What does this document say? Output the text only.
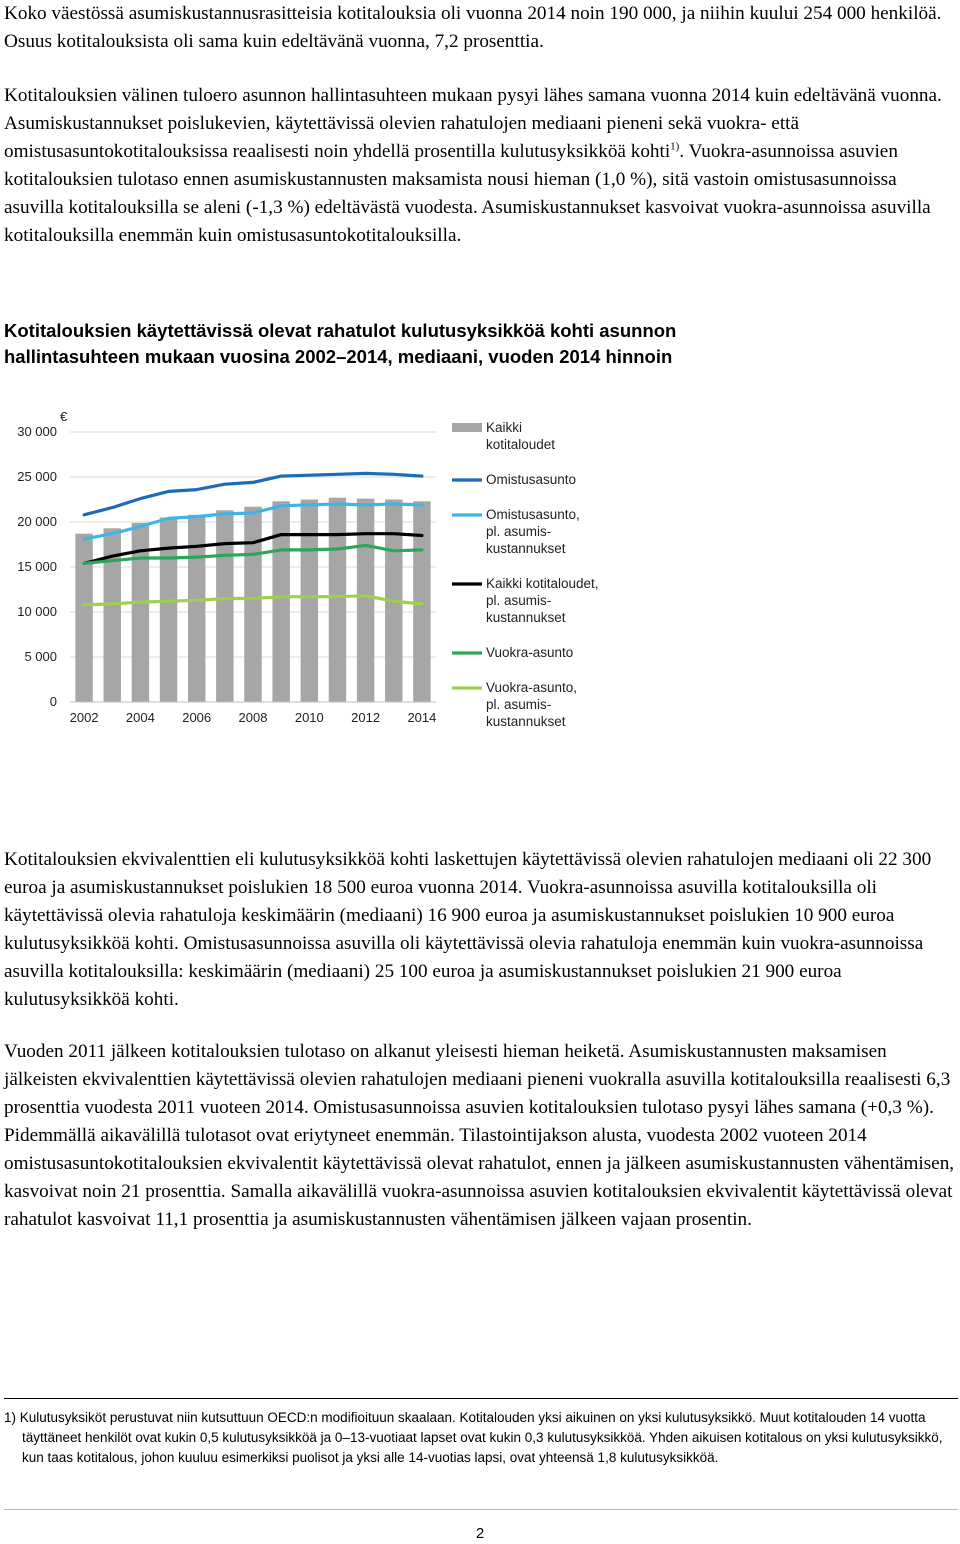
Koko väestössä asumiskustannusrasitteisia kotitalouksia oli vuonna 2014 noin 190 000, ja niihin kuului 254 000 henkilöä. Osuus kotitalouksista oli sama kuin edeltävänä vuonna, 7,2 prosenttia.

Kotitalouksien välinen tuloero asunnon hallintasuhteen mukaan pysyi lähes samana vuonna 2014 kuin edeltävänä vuonna. Asumiskustannukset poislukevien, käytettävissä olevien rahatulojen mediaani pieneni sekä vuokra- että omistusasuntokotitalouksissa reaalisesti noin yhdellä prosentilla kulutusyksikköä kohti$^{1)}$. Vuokra-asunnoissa asuvien kotitalouksien tulotaso ennen asumiskustannusten maksamista nousi hieman (1,0 %), sitä vastoin omistusasunnoissa asuvilla kotitalouksilla se aleni (-1,3 %) edeltävästä vuodesta. Asumiskustannukset kasvoivat vuokra-asunnoissa asuvilla kotitalouksilla enemmän kuin omistusasuntokotitalouksilla.

Kotitalouksien käytettävissä olevat rahatulot kulutusyksikköä kohti asunnon hallintasuhteen mukaan vuosina 2002–2014, mediaani, vuoden 2014 hinnoin
0
5 000
10 000
15 000
20 000
25 000
30 000
€
2002 2004 2006 2008 2010 2012 2014
Kaikki
kotitaloudet
Omistusasunto
Omistusasunto,
pl. asumis-
kustannukset
Kaikki kotitaloudet,
pl. asumis-
kustannukset
Vuokra-asunto
Vuokra-asunto,
pl. asumis-
kustannukset

Kotitalouksien ekvivalenttien eli kulutusyksikköä kohti laskettujen käytettävissä olevien rahatulojen mediaani oli 22 300 euroa ja asumiskustannukset poislukien 18 500 euroa vuonna 2014. Vuokra-asunnoissa asuvilla kotitalouksilla oli käytettävissä olevia rahatuloja keskimäärin (mediaani) 16 900 euroa ja asumiskustannukset poislukien 10 900 euroa kulutusyksikköä kohti. Omistusasunnoissa asuvilla oli käytettävissä olevia rahatuloja enemmän kuin vuokra-asunnoissa asuvilla kotitalouksilla: keskimäärin (mediaani) 25 100 euroa ja asumiskustannukset poislukien 21 900 euroa kulutusyksikköä kohti.

Vuoden 2011 jälkeen kotitalouksien tulotaso on alkanut yleisesti hieman heiketä. Asumiskustannusten maksamisen jälkeisten ekvivalenttien käytettävissä olevien rahatulojen mediaani pieneni vuokralla asuvilla kotitalouksilla reaalisesti 6,3 prosenttia vuodesta 2011 vuoteen 2014. Omistusasunnoissa asuvien kotitalouksien tulotaso pysyi lähes samana (+0,3 %). Pidemmällä aikavälillä tulotasot ovat eriytyneet enemmän. Tilastointijakson alusta, vuodesta 2002 vuoteen 2014 omistusasuntokotitalouksien ekvivalentit käytettävissä olevat rahatulot, ennen ja jälkeen asumiskustannusten vähentämisen, kasvoivat noin 21 prosenttia. Samalla aikavälillä vuokra-asunnoissa asuvien kotitalouksien ekvivalentit käytettävissä olevat rahatulot kasvoivat 11,1 prosenttia ja asumiskustannusten vähentämisen jälkeen vajaan prosentin.

1) Kulutusyksiköt perustuvat niin kutsuttuun OECD:n modifioituun skaalaan. Kotitalouden yksi aikuinen on yksi kulutusyksikkö. Muut kotitalouden 14 vuotta täyttäneet henkilöt ovat kukin 0,5 kulutusyksikköä ja 0–13-vuotiaat lapset ovat kukin 0,3 kulutusyksikköä. Yhden aikuisen kotitalous on yksi kulutusyksikkö, kun taas kotitalous, johon kuuluu esimerkiksi puolisot ja yksi alle 14-vuotias lapsi, ovat yhteensä 1,8 kulutusyksikköä.
2
